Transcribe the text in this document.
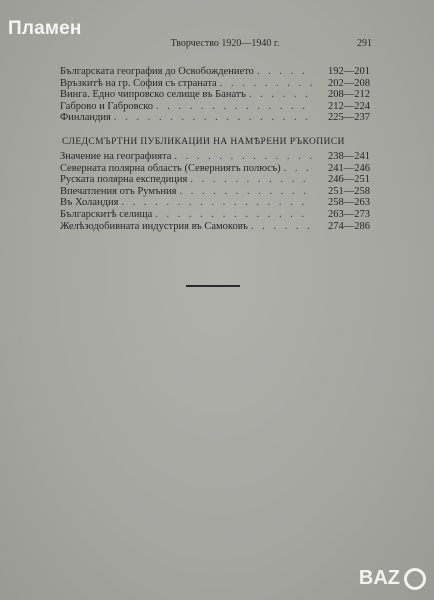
Пламен
Творчество 1920—1940 г.	291
Българската география до Освобождението . . .	192—201
Връзкитѣ на гр. София съ страната . . .	202—208
Винга. Едно чипровско селище въ Банатъ . . .	208—212
Габрово и Габровско . . .	212—224
Финландия . . .	225—237
СЛЕДСМЪРТНИ ПУБЛИКАЦИИ НА НАМѢРЕНИ РЪКОПИСИ
Значение на географията . . .	238—241
Северната полярна область (Северниятъ полюсъ) . . .	241—246
Руската полярна експедиция . . .	246—251
Впечатления отъ Румъния . . .	251—258
Въ Холандия . . .	258—263
Българскитѣ селища . . .	263—273
Желѣзодобивната индустрия въ Самоковъ . . .	274—286
BAZ
